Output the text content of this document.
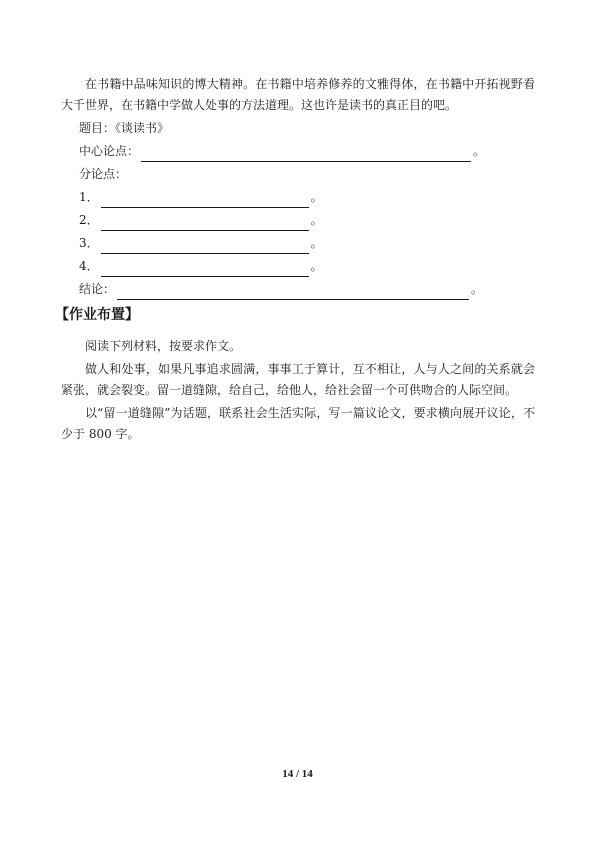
在书籍中品味知识的博大精神。在书籍中培养修养的文雅得体，在书籍中开拓视野看大千世界，在书籍中学做人处事的方法道理。这也许是读书的真正目的吧。

题目：《谈读书》

中心论点：	。

分论点：

1．	。

2．	。

3．	。

4．	。

结论：	。

【作业布置】

阅读下列材料，按要求作文。

做人和处事，如果凡事追求圆满，事事工于算计，互不相让，人与人之间的关系就会紧张，就会裂变。留一道缝隙，给自己，给他人，给社会留一个可供吻合的人际空间。

以“留一道缝隙”为话题，联系社会生活实际，写一篇议论文，要求横向展开议论，不少于 800 字。

14 / 14
